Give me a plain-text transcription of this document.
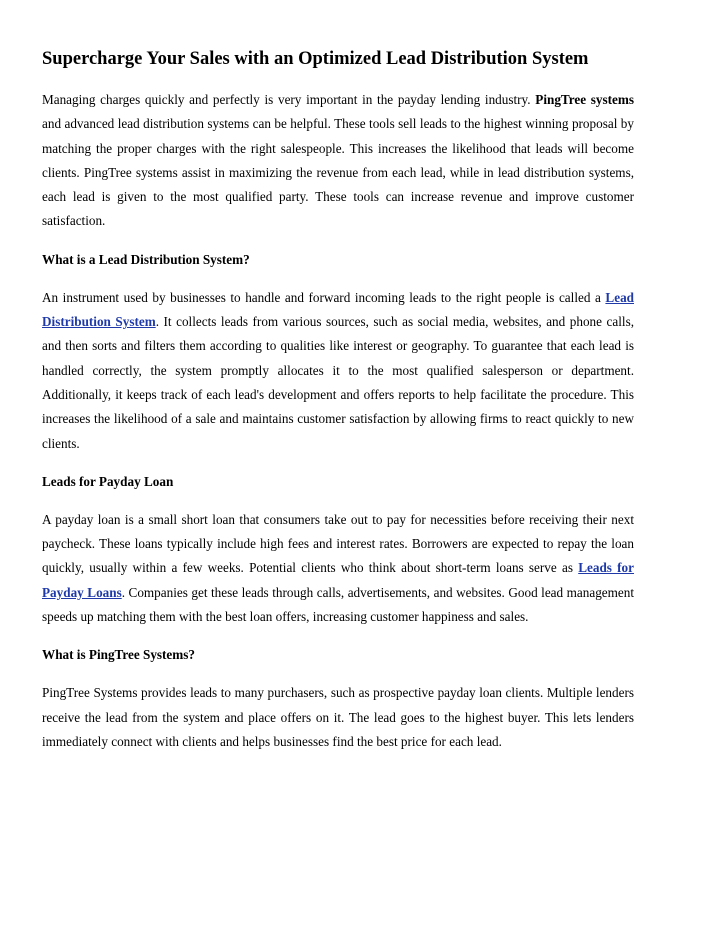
Supercharge Your Sales with an Optimized Lead Distribution System

Managing charges quickly and perfectly is very important in the payday lending industry. PingTree systems and advanced lead distribution systems can be helpful. These tools sell leads to the highest winning proposal by matching the proper charges with the right salespeople. This increases the likelihood that leads will become clients. PingTree systems assist in maximizing the revenue from each lead, while in lead distribution systems, each lead is given to the most qualified party. These tools can increase revenue and improve customer satisfaction.

What is a Lead Distribution System?

An instrument used by businesses to handle and forward incoming leads to the right people is called a Lead Distribution System. It collects leads from various sources, such as social media, websites, and phone calls, and then sorts and filters them according to qualities like interest or geography. To guarantee that each lead is handled correctly, the system promptly allocates it to the most qualified salesperson or department. Additionally, it keeps track of each lead's development and offers reports to help facilitate the procedure. This increases the likelihood of a sale and maintains customer satisfaction by allowing firms to react quickly to new clients.

Leads for Payday Loan

A payday loan is a small short loan that consumers take out to pay for necessities before receiving their next paycheck. These loans typically include high fees and interest rates. Borrowers are expected to repay the loan quickly, usually within a few weeks. Potential clients who think about short-term loans serve as Leads for Payday Loans. Companies get these leads through calls, advertisements, and websites. Good lead management speeds up matching them with the best loan offers, increasing customer happiness and sales.

What is PingTree Systems?

PingTree Systems provides leads to many purchasers, such as prospective payday loan clients. Multiple lenders receive the lead from the system and place offers on it. The lead goes to the highest buyer. This lets lenders immediately connect with clients and helps businesses find the best price for each lead.
